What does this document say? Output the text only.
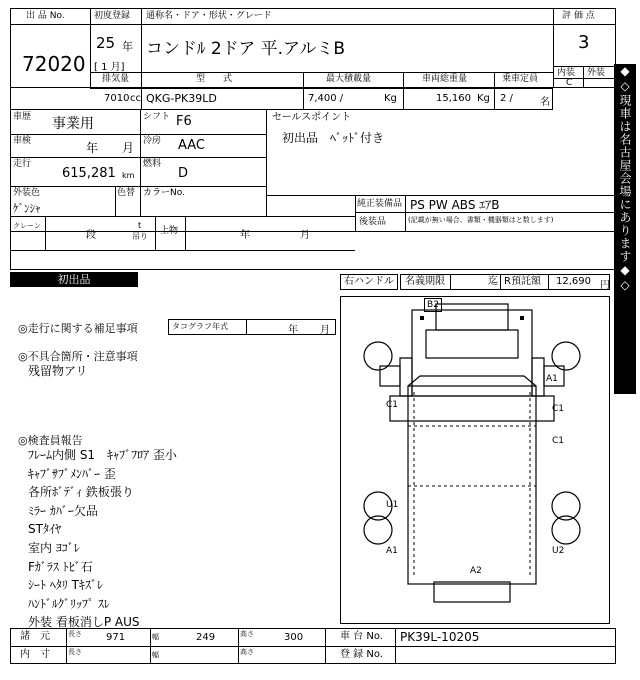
出 品 No.
72020
初度登録
25 年
[ 1 月]
通称名・ドア・形状・グレード
コンドﾙ 2ドア 平.アルミB
評 価 点
3
内装 外装
C
排気量	型　　式	最大積載量	車両総重量	乗車定員
7010 cc QKG-PK39LD	7,400 /	Kg	15,160 Kg 2 /	名
車歴 事業用	シフト F6
車検	年 月 冷房 AAC
走行
615,281 km
燃料
D
外装色
ｹﾞﾝｼｬ
色替 カラーNo.
セールスポイント
初出品　ﾍﾞｯﾄﾞ付き
純正装備品 PS PW ABS ｴｱB
後装品	(記載が無い場合、書類・機器類はと数します)
クレーン
段
t
吊り
上物	年	月
初出品	右ハンドル	名義期限	迄 R預託額 12,690 円
◎走行に関する補足事項	タコグラフ年式	年 月
◎不具合箇所・注意事項
残留物アリ
◎検査員報告
ﾌﾚｰﾑ内側 S1　ｷｬﾌﾞﾌﾛｱ 歪小
ｷｬﾌﾞｻﾌﾞﾒﾝﾊﾞｰ 歪
各所ﾎﾞﾃﾞｨ 鉄板張り
ﾐﾗｰ ｶﾊﾞｰ欠品
STﾀｲﾔ
室内 ﾖｺﾞﾚ
Fｶﾞﾗｽ ﾄﾋﾞ石
ｼｰﾄ ﾍﾀﾘ Tｷｽﾞﾚ
ﾊﾝﾄﾞﾙｸﾞﾘｯﾌﾟ ｽﾚ
外装 看板消しP AUS
B2
A1
C1	C1
C1
U1
A1	U2
A2
◆◇現車は名古屋会場にあります◆◇
諸　元	長さ 971	幅	249	高さ	300	車 台 No. PK39L-10205
内　寸	長さ	幅	高さ	登 録 No.
